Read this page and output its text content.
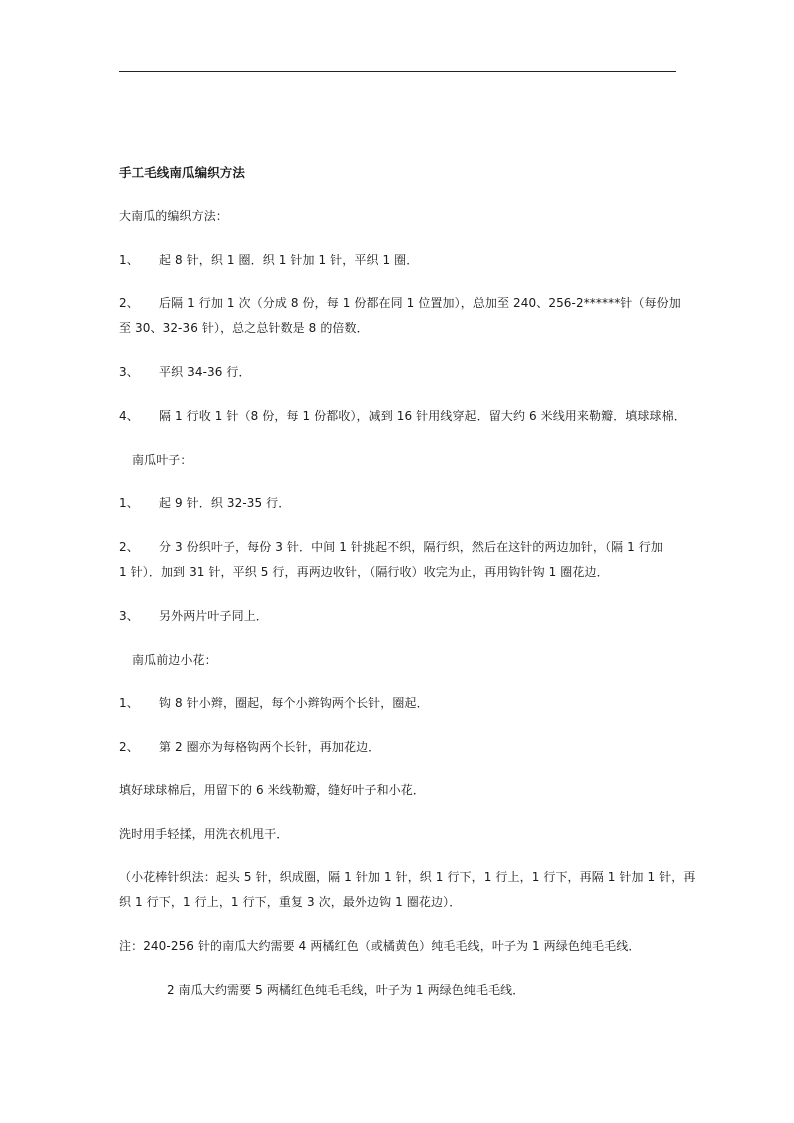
手工毛线南瓜编织方法
大南瓜的编织方法：
1、 起 8 针，织 1 圈．织 1 针加 1 针，平织 1 圈．
2、 后隔 1 行加 1 次（分成 8 份，每 1 份都在同 1 位置加），总加至 240、256-2******针（每份加
至 30、32-36 针），总之总针数是 8 的倍数．
3、 平织 34-36 行．
4、 隔 1 行收 1 针（8 份，每 1 份都收），减到 16 针用线穿起．留大约 6 米线用来勒瓣．填球球棉．
南瓜叶子：
1、 起 9 针．织 32-35 行．
2、 分 3 份织叶子，每份 3 针．中间 1 针挑起不织，隔行织，然后在这针的两边加针，（隔 1 行加
1 针）．加到 31 针，平织 5 行，再两边收针，（隔行收）收完为止，再用钩针钩 1 圈花边．
3、 另外两片叶子同上．
南瓜前边小花：
1、 钩 8 针小辫，圈起，每个小辫钩两个长针，圈起．
2、 第 2 圈亦为每格钩两个长针，再加花边．
填好球球棉后，用留下的 6 米线勒瓣，缝好叶子和小花．
洗时用手轻揉，用洗衣机甩干．
（小花棒针织法：起头 5 针，织成圈，隔 1 针加 1 针，织 1 行下，1 行上，1 行下，再隔 1 针加 1 针，再
织 1 行下，1 行上，1 行下，重复 3 次，最外边钩 1 圈花边）．
注：240-256 针的南瓜大约需要 4 两橘红色（或橘黄色）纯毛毛线，叶子为 1 两绿色纯毛毛线．
2 南瓜大约需要 5 两橘红色纯毛毛线，叶子为 1 两绿色纯毛毛线．
